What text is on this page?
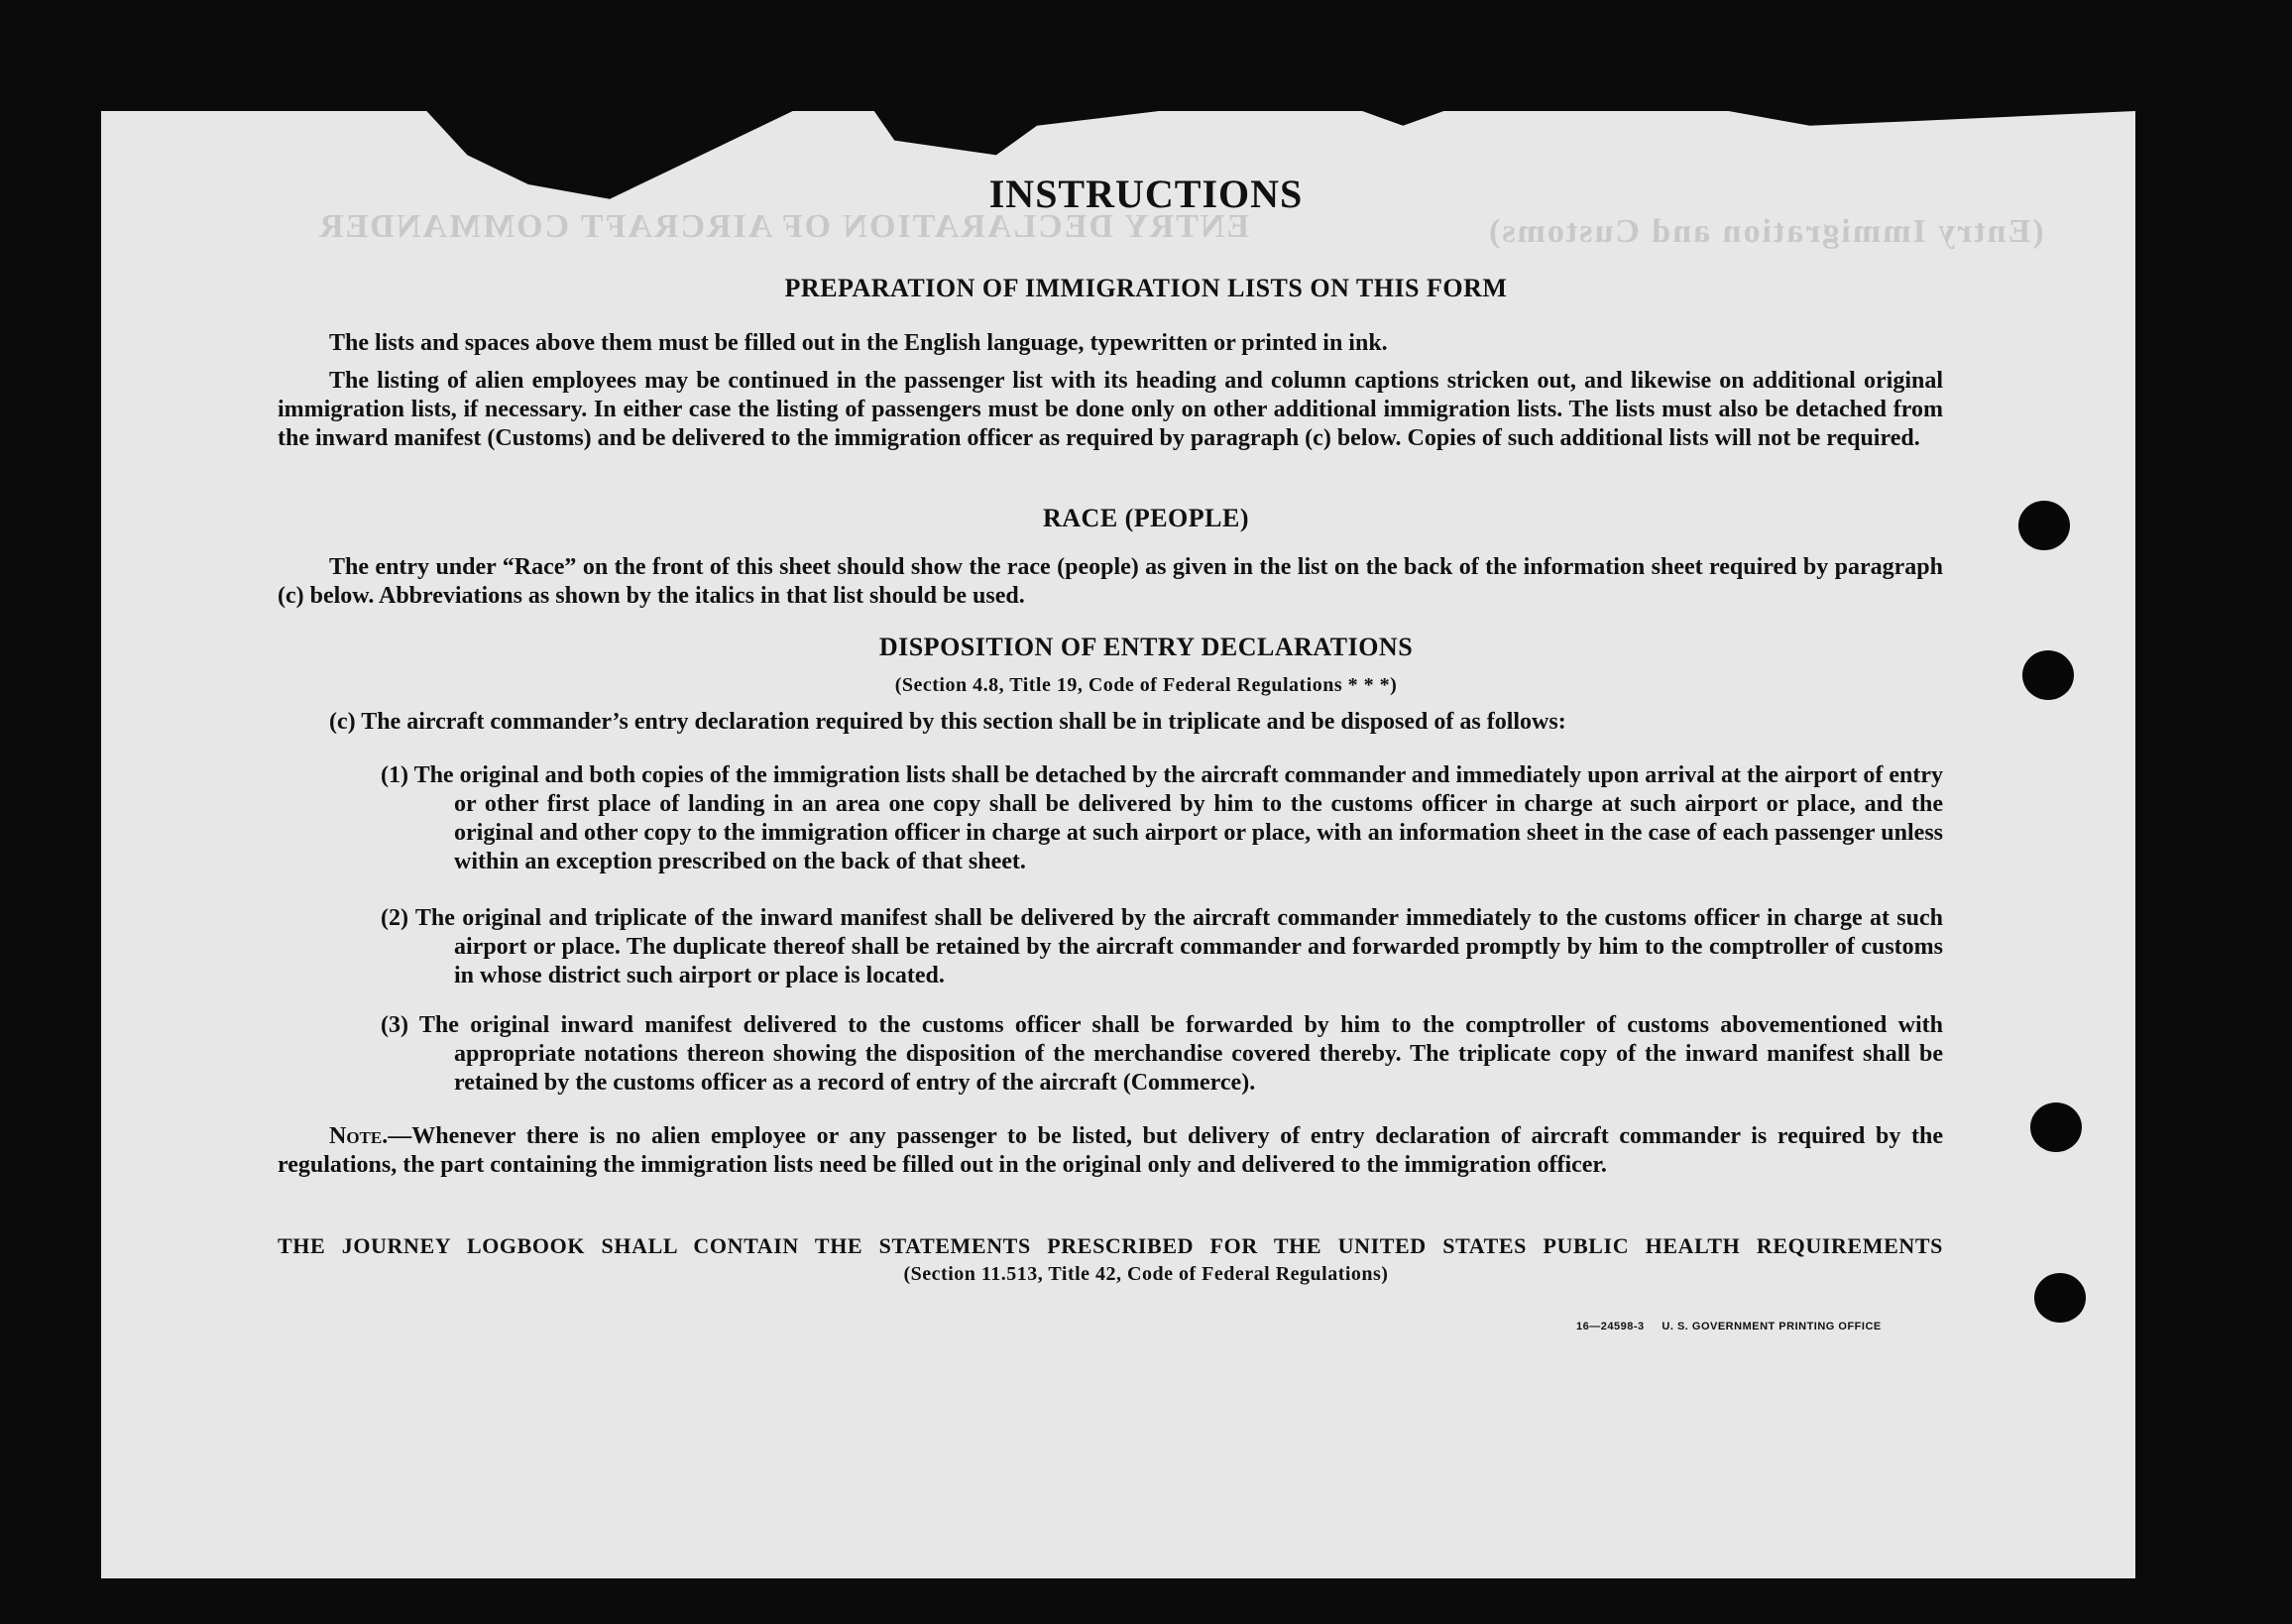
ENTRY DECLARATION OF AIRCRAFT COMMANDER	(Entry Immigration and Customs)
INSTRUCTIONS
PREPARATION OF IMMIGRATION LISTS ON THIS FORM
The lists and spaces above them must be filled out in the English language, typewritten or printed in ink.
The listing of alien employees may be continued in the passenger list with its heading and column captions stricken out, and likewise on additional original immigration lists, if necessary. In either case the listing of passengers must be done only on other additional immigration lists. The lists must also be detached from the inward manifest (Customs) and be delivered to the immigration officer as required by paragraph (c) below. Copies of such additional lists will not be required.
RACE (PEOPLE)
The entry under “Race” on the front of this sheet should show the race (people) as given in the list on the back of the information sheet required by paragraph (c) below. Abbreviations as shown by the italics in that list should be used.
DISPOSITION OF ENTRY DECLARATIONS
(Section 4.8, Title 19, Code of Federal Regulations * * *)
(c) The aircraft commander’s entry declaration required by this section shall be in triplicate and be disposed of as follows:
(1) The original and both copies of the immigration lists shall be detached by the aircraft commander and immediately upon arrival at the airport of entry or other first place of landing in an area one copy shall be delivered by him to the customs officer in charge at such airport or place, and the original and other copy to the immigration officer in charge at such airport or place, with an information sheet in the case of each passenger unless within an exception prescribed on the back of that sheet.
(2) The original and triplicate of the inward manifest shall be delivered by the aircraft commander immediately to the customs officer in charge at such airport or place. The duplicate thereof shall be retained by the aircraft commander and forwarded promptly by him to the comptroller of customs in whose district such airport or place is located.
(3) The original inward manifest delivered to the customs officer shall be forwarded by him to the comptroller of customs abovementioned with appropriate notations thereon showing the disposition of the merchandise covered thereby. The triplicate copy of the inward manifest shall be retained by the customs officer as a record of entry of the aircraft (Commerce).
Note.—Whenever there is no alien employee or any passenger to be listed, but delivery of entry declaration of aircraft commander is required by the regulations, the part containing the immigration lists need be filled out in the original only and delivered to the immigration officer.
THE JOURNEY LOGBOOK SHALL CONTAIN THE STATEMENTS PRESCRIBED FOR THE UNITED STATES PUBLIC HEALTH REQUIREMENTS
(Section 11.513, Title 42, Code of Federal Regulations)
16—24598-3 U. S. GOVERNMENT PRINTING OFFICE
